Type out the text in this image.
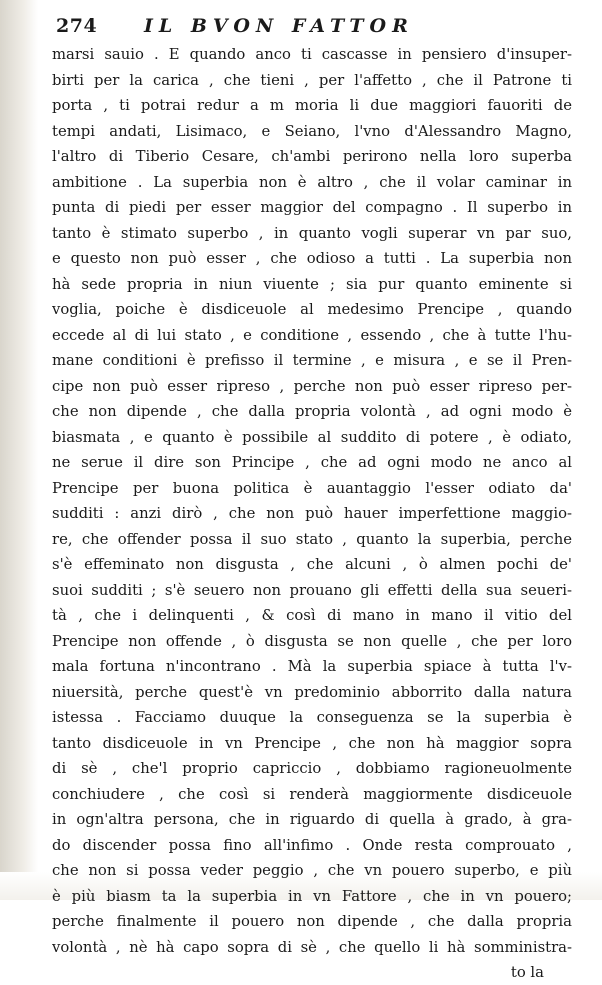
274 IL BVON FATTOR
marsi sauio . E quando anco ti cascasse in pensiero d'insuper-
birti per la carica , che tieni , per l'affetto , che il Patrone ti
porta , ti potrai redur a m moria li due maggiori fauoriti de
tempi andati, Lisimaco, e Seiano, l'vno d'Alessandro Magno,
l'altro di Tiberio Cesare, ch'ambi perirono nella loro superba
ambitione . La superbia non è altro , che il volar caminar in
punta di piedi per esser maggior del compagno . Il superbo in
tanto è stimato superbo , in quanto vogli superar vn par suo,
e questo non può esser , che odioso a tutti . La superbia non
hà sede propria in niun viuente ; sia pur quanto eminente si
voglia, poiche è disdiceuole al medesimo Prencipe , quando
eccede al di lui stato , e conditione , essendo , che à tutte l'hu-
mane conditioni è prefisso il termine , e misura , e se il Pren-
cipe non può esser ripreso , perche non può esser ripreso per-
che non dipende , che dalla propria volontà , ad ogni modo è
biasmata , e quanto è possibile al suddito di potere , è odiato,
ne serue il dire son Principe , che ad ogni modo ne anco al
Prencipe per buona politica è auantaggio l'esser odiato da'
sudditi : anzi dirò , che non può hauer imperfettione maggio-
re, che offender possa il suo stato , quanto la superbia, perche
s'è effeminato non disgusta , che alcuni , ò almen pochi de'
suoi sudditi ; s'è seuero non prouano gli effetti della sua seueri-
tà , che i delinquenti , & così di mano in mano il vitio del
Prencipe non offende , ò disgusta se non quelle , che per loro
mala fortuna n'incontrano . Mà la superbia spiace à tutta l'v-
niuersità, perche quest'è vn predominio abborrito dalla natura
istessa . Facciamo duuque la conseguenza se la superbia è
tanto disdiceuole in vn Prencipe , che non hà maggior sopra
di sè , che'l proprio capriccio , dobbiamo ragioneuolmente
conchiudere , che così si renderà maggiormente disdiceuole
in ogn'altra persona, che in riguardo di quella à grado, à gra-
do discender possa fino all'infimo . Onde resta comprouato ,
che non si possa veder peggio , che vn pouero superbo, e più
è più biasm ta la superbia in vn Fattore , che in vn pouero;
perche finalmente il pouero non dipende , che dalla propria
volontà , nè hà capo sopra di sè , che quello li hà somministra-
to la
